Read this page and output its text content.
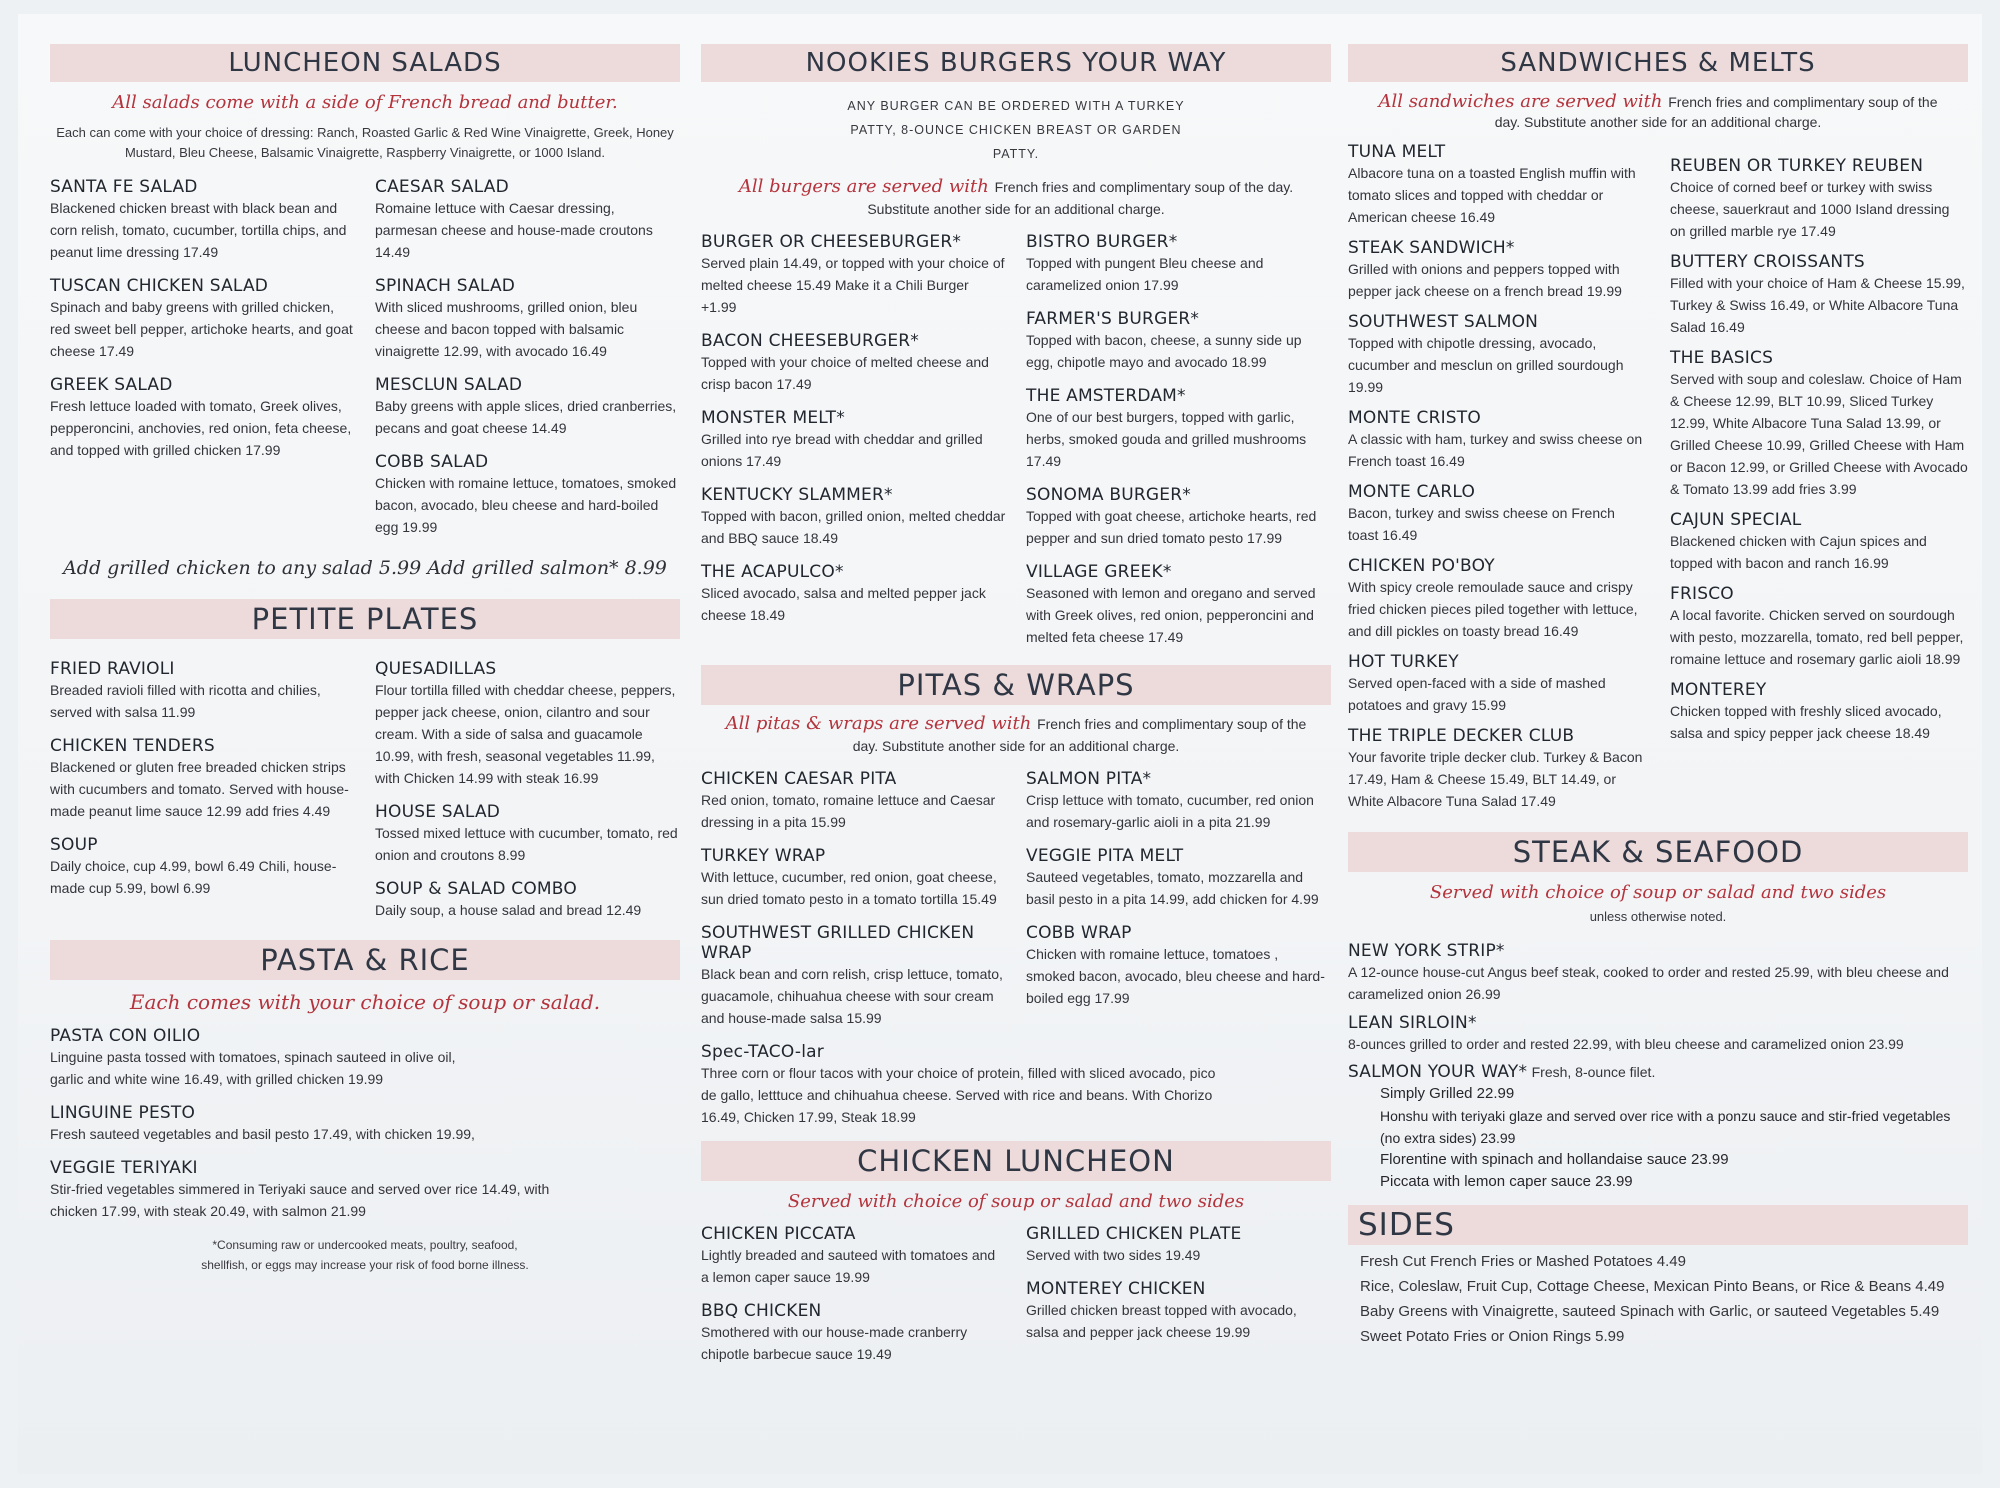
LUNCHEON SALADS
All salads come with a side of French bread and butter.
Each can come with your choice of dressing: Ranch, Roasted Garlic & Red Wine Vinaigrette, Greek, Honey Mustard, Bleu Cheese, Balsamic Vinaigrette, Raspberry Vinaigrette, or 1000 Island.
SANTA FE SALAD
Blackened chicken breast with black bean and corn relish, tomato, cucumber, tortilla chips, and peanut lime dressing 17.49
TUSCAN CHICKEN SALAD
Spinach and baby greens with grilled chicken, red sweet bell pepper, artichoke hearts, and goat cheese 17.49
GREEK SALAD
Fresh lettuce loaded with tomato, Greek olives, pepperoncini, anchovies, red onion, feta cheese, and topped with grilled chicken 17.99
CAESAR SALAD
Romaine lettuce with Caesar dressing, parmesan cheese and house-made croutons 14.49
SPINACH SALAD
With sliced mushrooms, grilled onion, bleu cheese and bacon topped with balsamic vinaigrette 12.99, with avocado 16.49
MESCLUN SALAD
Baby greens with apple slices, dried cranberries, pecans and goat cheese 14.49
COBB SALAD
Chicken with romaine lettuce, tomatoes, smoked bacon, avocado, bleu cheese and hard-boiled egg 19.99
Add grilled chicken to any salad 5.99 Add grilled salmon* 8.99
PETITE PLATES
FRIED RAVIOLI
Breaded ravioli filled with ricotta and chilies, served with salsa 11.99
CHICKEN TENDERS
Blackened or gluten free breaded chicken strips with cucumbers and tomato. Served with house-made peanut lime sauce 12.99 add fries 4.49
SOUP
Daily choice, cup 4.99, bowl 6.49 Chili, house-made cup 5.99, bowl 6.99
QUESADILLAS
Flour tortilla filled with cheddar cheese, peppers, pepper jack cheese, onion, cilantro and sour cream. With a side of salsa and guacamole 10.99, with fresh, seasonal vegetables 11.99, with Chicken 14.99 with steak 16.99
HOUSE SALAD
Tossed mixed lettuce with cucumber, tomato, red onion and croutons 8.99
SOUP & SALAD COMBO
Daily soup, a house salad and bread 12.49
PASTA & RICE
Each comes with your choice of soup or salad.
PASTA CON OILIO
Linguine pasta tossed with tomatoes, spinach sauteed in olive oil, garlic and white wine 16.49, with grilled chicken 19.99
LINGUINE PESTO
Fresh sauteed vegetables and basil pesto 17.49, with chicken 19.99,
VEGGIE TERIYAKI
Stir-fried vegetables simmered in Teriyaki sauce and served over rice 14.49, with chicken 17.99, with steak 20.49, with salmon 21.99
*Consuming raw or undercooked meats, poultry, seafood, shellfish, or eggs may increase your risk of food borne illness.
NOOKIES BURGERS YOUR WAY
ANY BURGER CAN BE ORDERED WITH A TURKEY PATTY, 8-OUNCE CHICKEN BREAST OR GARDEN PATTY.
All burgers are served with French fries and complimentary soup of the day. Substitute another side for an additional charge.
BURGER OR CHEESEBURGER*
Served plain 14.49, or topped with your choice of melted cheese 15.49 Make it a Chili Burger +1.99
BACON CHEESEBURGER*
Topped with your choice of melted cheese and crisp bacon 17.49
MONSTER MELT*
Grilled into rye bread with cheddar and grilled onions 17.49
KENTUCKY SLAMMER*
Topped with bacon, grilled onion, melted cheddar and BBQ sauce 18.49
THE ACAPULCO*
Sliced avocado, salsa and melted pepper jack cheese 18.49
BISTRO BURGER*
Topped with pungent Bleu cheese and caramelized onion 17.99
FARMER'S BURGER*
Topped with bacon, cheese, a sunny side up egg, chipotle mayo and avocado 18.99
THE AMSTERDAM*
One of our best burgers, topped with garlic, herbs, smoked gouda and grilled mushrooms 17.49
SONOMA BURGER*
Topped with goat cheese, artichoke hearts, red pepper and sun dried tomato pesto 17.99
VILLAGE GREEK*
Seasoned with lemon and oregano and served with Greek olives, red onion, pepperoncini and melted feta cheese 17.49
PITAS & WRAPS
All pitas & wraps are served with French fries and complimentary soup of the day. Substitute another side for an additional charge.
CHICKEN CAESAR PITA
Red onion, tomato, romaine lettuce and Caesar dressing in a pita 15.99
TURKEY WRAP
With lettuce, cucumber, red onion, goat cheese, sun dried tomato pesto in a tomato tortilla 15.49
SOUTHWEST GRILLED CHICKEN WRAP
Black bean and corn relish, crisp lettuce, tomato, guacamole, chihuahua cheese with sour cream and house-made salsa 15.99
SALMON PITA*
Crisp lettuce with tomato, cucumber, red onion and rosemary-garlic aioli in a pita 21.99
VEGGIE PITA MELT
Sauteed vegetables, tomato, mozzarella and basil pesto in a pita 14.99, add chicken for 4.99
COBB WRAP
Chicken with romaine lettuce, tomatoes , smoked bacon, avocado, bleu cheese and hard-boiled egg 17.99
Spec-TACO-lar
Three corn or flour tacos with your choice of protein, filled with sliced avocado, pico de gallo, letttuce and chihuahua cheese. Served with rice and beans. With Chorizo 16.49, Chicken 17.99, Steak 18.99
CHICKEN LUNCHEON
Served with choice of soup or salad and two sides
CHICKEN PICCATA
Lightly breaded and sauteed with tomatoes and a lemon caper sauce 19.99
BBQ CHICKEN
Smothered with our house-made cranberry chipotle barbecue sauce 19.49
GRILLED CHICKEN PLATE
Served with two sides 19.49
MONTEREY CHICKEN
Grilled chicken breast topped with avocado, salsa and pepper jack cheese 19.99
SANDWICHES & MELTS
All sandwiches are served with French fries and complimentary soup of the day. Substitute another side for an additional charge.
TUNA MELT
Albacore tuna on a toasted English muffin with tomato slices and topped with cheddar or American cheese 16.49
STEAK SANDWICH*
Grilled with onions and peppers topped with pepper jack cheese on a french bread 19.99
SOUTHWEST SALMON
Topped with chipotle dressing, avocado, cucumber and mesclun on grilled sourdough 19.99
MONTE CRISTO
A classic with ham, turkey and swiss cheese on French toast 16.49
MONTE CARLO
Bacon, turkey and swiss cheese on French toast 16.49
CHICKEN PO'BOY
With spicy creole remoulade sauce and crispy fried chicken pieces piled together with lettuce, and dill pickles on toasty bread 16.49
HOT TURKEY
Served open-faced with a side of mashed potatoes and gravy 15.99
THE TRIPLE DECKER CLUB
Your favorite triple decker club. Turkey & Bacon 17.49, Ham & Cheese 15.49, BLT 14.49, or White Albacore Tuna Salad 17.49
REUBEN OR TURKEY REUBEN
Choice of corned beef or turkey with swiss cheese, sauerkraut and 1000 Island dressing on grilled marble rye 17.49
BUTTERY CROISSANTS
Filled with your choice of Ham & Cheese 15.99, Turkey & Swiss 16.49, or White Albacore Tuna Salad 16.49
THE BASICS
Served with soup and coleslaw. Choice of Ham & Cheese 12.99, BLT 10.99, Sliced Turkey 12.99, White Albacore Tuna Salad 13.99, or Grilled Cheese 10.99, Grilled Cheese with Ham or Bacon 12.99, or Grilled Cheese with Avocado & Tomato 13.99 add fries 3.99
CAJUN SPECIAL
Blackened chicken with Cajun spices and topped with bacon and ranch 16.99
FRISCO
A local favorite. Chicken served on sourdough with pesto, mozzarella, tomato, red bell pepper, romaine lettuce and rosemary garlic aioli 18.99
MONTEREY
Chicken topped with freshly sliced avocado, salsa and spicy pepper jack cheese 18.49
STEAK & SEAFOOD
Served with choice of soup or salad and two sides
unless otherwise noted.
NEW YORK STRIP*
A 12-ounce house-cut Angus beef steak, cooked to order and rested 25.99, with bleu cheese and caramelized onion 26.99
LEAN SIRLOIN*
8-ounces grilled to order and rested 22.99, with bleu cheese and caramelized onion 23.99
SALMON YOUR WAY* Fresh, 8-ounce filet.
Simply Grilled 22.99
Honshu with teriyaki glaze and served over rice with a ponzu sauce and stir-fried vegetables (no extra sides) 23.99
Florentine with spinach and hollandaise sauce 23.99
Piccata with lemon caper sauce 23.99
SIDES
Fresh Cut French Fries or Mashed Potatoes 4.49
Rice, Coleslaw, Fruit Cup, Cottage Cheese, Mexican Pinto Beans, or Rice & Beans 4.49
Baby Greens with Vinaigrette, sauteed Spinach with Garlic, or sauteed Vegetables 5.49
Sweet Potato Fries or Onion Rings 5.99
